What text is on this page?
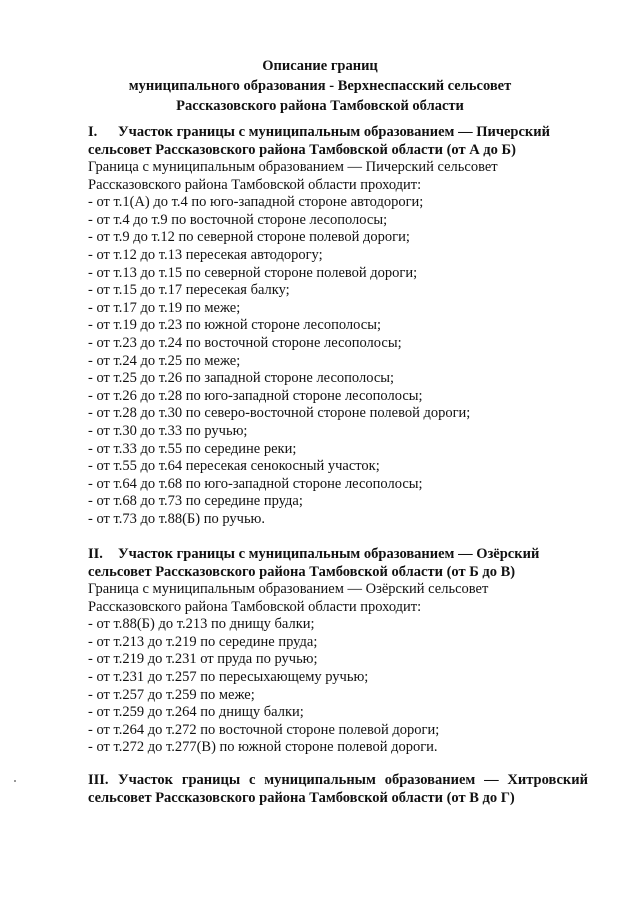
Описание границ
муниципального образования - Верхнеспасский сельсовет
Рассказовского района Тамбовской области
I. Участок границы с муниципальным образованием — Пичерский
сельсовет Рассказовского района Тамбовской области (от А до Б)
Граница с муниципальным образованием — Пичерский сельсовет
Рассказовского района Тамбовской области проходит:
- от т.1(А) до т.4 по юго-западной стороне автодороги;
- от т.4 до т.9 по восточной стороне лесополосы;
- от т.9 до т.12 по северной стороне полевой дороги;
- от т.12 до т.13 пересекая автодорогу;
- от т.13 до т.15 по северной стороне полевой дороги;
- от т.15 до т.17 пересекая балку;
- от т.17 до т.19 по меже;
- от т.19 до т.23 по южной стороне лесополосы;
- от т.23 до т.24 по восточной стороне лесополосы;
- от т.24 до т.25 по меже;
- от т.25 до т.26 по западной стороне лесополосы;
- от т.26 до т.28 по юго-западной стороне лесополосы;
- от т.28 до т.30 по северо-восточной стороне полевой дороги;
- от т.30 до т.33 по ручью;
- от т.33 до т.55 по середине реки;
- от т.55 до т.64 пересекая сенокосный участок;
- от т.64 до т.68 по юго-западной стороне лесополосы;
- от т.68 до т.73 по середине пруда;
- от т.73 до т.88(Б) по ручью.
II. Участок границы с муниципальным образованием — Озёрский
сельсовет Рассказовского района Тамбовской области (от Б до В)
Граница с муниципальным образованием — Озёрский сельсовет
Рассказовского района Тамбовской области проходит:
- от т.88(Б) до т.213 по днищу балки;
- от т.213 до т.219 по середине пруда;
- от т.219 до т.231 от пруда по ручью;
- от т.231 до т.257 по пересыхающему ручью;
- от т.257 до т.259 по меже;
- от т.259 до т.264 по днищу балки;
- от т.264 до т.272 по восточной стороне полевой дороги;
- от т.272 до т.277(В) по южной стороне полевой дороги.
III. Участок границы с муниципальным образованием — Хитровский
сельсовет Рассказовского района Тамбовской области (от В до Г)
